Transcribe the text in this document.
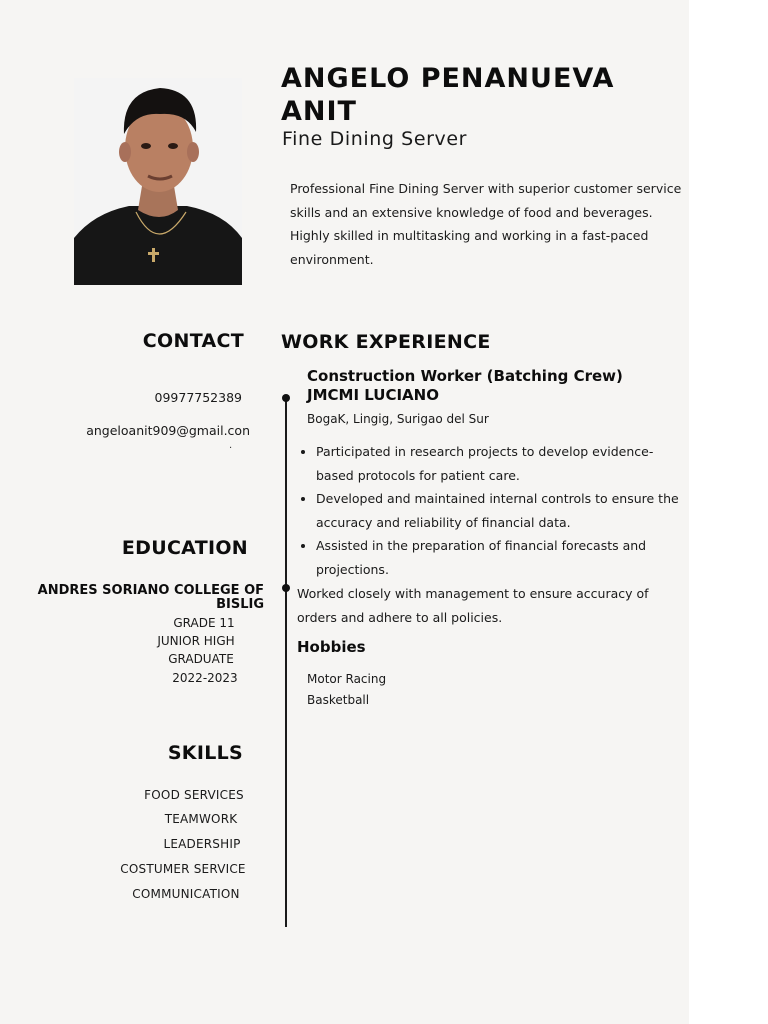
ANGELO PENANUEVA ANIT
Fine Dining Server
Professional Fine Dining Server with superior customer service skills and an extensive knowledge of food and beverages. Highly skilled in multitasking and working in a fast-paced environment.
CONTACT
09977752389
angeloanit909@gmail.con
.
EDUCATION
ANDRES SORIANO COLLEGE OF BISLIG
GRADE 11
JUNIOR HIGH
GRADUATE
2022-2023
SKILLS
FOOD SERVICES
TEAMWORK
LEADERSHIP
COSTUMER SERVICE
COMMUNICATION
WORK EXPERIENCE
Construction Worker (Batching Crew)
JMCMI LUCIANO
BogaK, Lingig, Surigao del Sur
• Participated in research projects to develop evidence-based protocols for patient care.
• Developed and maintained internal controls to ensure the accuracy and reliability of financial data.
• Assisted in the preparation of financial forecasts and projections.
Worked closely with management to ensure accuracy of orders and adhere to all policies.
Hobbies
Motor Racing
Basketball
